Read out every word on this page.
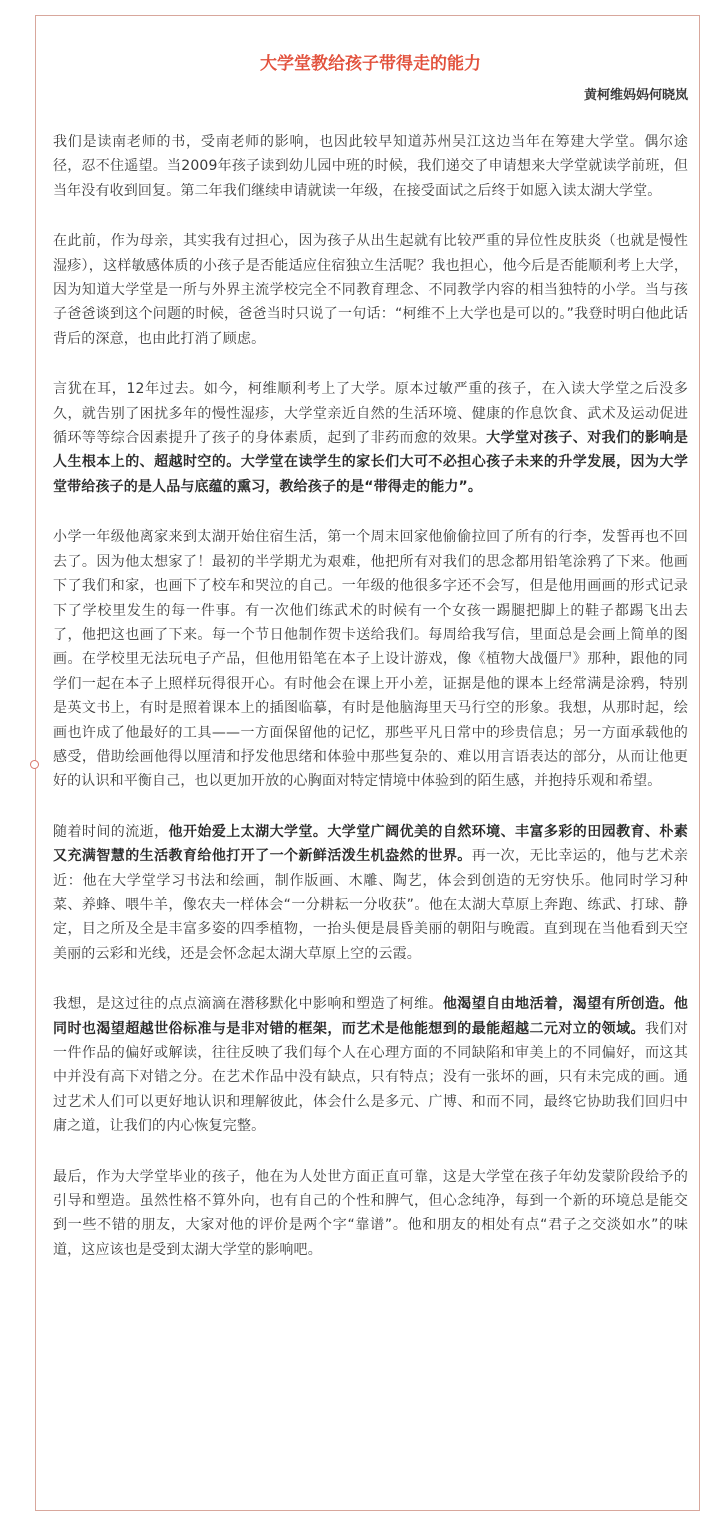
大学堂教给孩子带得走的能力
黄柯维妈妈何晓岚

我们是读南老师的书，受南老师的影响，也因此较早知道苏州吴江这边当年在筹建大学堂。偶尔途径，忍不住遥望。当2009年孩子读到幼儿园中班的时候，我们递交了申请想来大学堂就读学前班，但当年没有收到回复。第二年我们继续申请就读一年级，在接受面试之后终于如愿入读太湖大学堂。

在此前，作为母亲，其实我有过担心，因为孩子从出生起就有比较严重的异位性皮肤炎（也就是慢性湿疹），这样敏感体质的小孩子是否能适应住宿独立生活呢？我也担心，他今后是否能顺利考上大学，因为知道大学堂是一所与外界主流学校完全不同教育理念、不同教学内容的相当独特的小学。当与孩子爸爸谈到这个问题的时候，爸爸当时只说了一句话：“柯维不上大学也是可以的。”我登时明白他此话背后的深意，也由此打消了顾虑。

言犹在耳，12年过去。如今，柯维顺利考上了大学。原本过敏严重的孩子，在入读大学堂之后没多久，就告别了困扰多年的慢性湿疹，大学堂亲近自然的生活环境、健康的作息饮食、武术及运动促进循环等等综合因素提升了孩子的身体素质，起到了非药而愈的效果。大学堂对孩子、对我们的影响是人生根本上的、超越时空的。大学堂在读学生的家长们大可不必担心孩子未来的升学发展，因为大学堂带给孩子的是人品与底蕴的熏习，教给孩子的是“带得走的能力”。

小学一年级他离家来到太湖开始住宿生活，第一个周末回家他偷偷拉回了所有的行李，发誓再也不回去了。因为他太想家了！最初的半学期尤为艰难，他把所有对我们的思念都用铅笔涂鸦了下来。他画下了我们和家，也画下了校车和哭泣的自己。一年级的他很多字还不会写，但是他用画画的形式记录下了学校里发生的每一件事。有一次他们练武术的时候有一个女孩一踢腿把脚上的鞋子都踢飞出去了，他把这也画了下来。每一个节日他制作贺卡送给我们。每周给我写信，里面总是会画上简单的图画。在学校里无法玩电子产品，但他用铅笔在本子上设计游戏，像《植物大战僵尸》那种，跟他的同学们一起在本子上照样玩得很开心。有时他会在课上开小差，证据是他的课本上经常满是涂鸦，特别是英文书上，有时是照着课本上的插图临摹，有时是他脑海里天马行空的形象。我想，从那时起，绘画也许成了他最好的工具——一方面保留他的记忆，那些平凡日常中的珍贵信息；另一方面承载他的感受，借助绘画他得以厘清和抒发他思绪和体验中那些复杂的、难以用言语表达的部分，从而让他更好的认识和平衡自己，也以更加开放的心胸面对特定情境中体验到的陌生感，并抱持乐观和希望。

随着时间的流逝，他开始爱上太湖大学堂。大学堂广阔优美的自然环境、丰富多彩的田园教育、朴素又充满智慧的生活教育给他打开了一个新鲜活泼生机盎然的世界。再一次，无比幸运的，他与艺术亲近：他在大学堂学习书法和绘画，制作版画、木雕、陶艺，体会到创造的无穷快乐。他同时学习种菜、养蜂、喂牛羊，像农夫一样体会“一分耕耘一分收获”。他在太湖大草原上奔跑、练武、打球、静定，目之所及全是丰富多姿的四季植物，一抬头便是晨昏美丽的朝阳与晚霞。直到现在当他看到天空美丽的云彩和光线，还是会怀念起太湖大草原上空的云霞。

我想，是这过往的点点滴滴在潜移默化中影响和塑造了柯维。他渴望自由地活着，渴望有所创造。他同时也渴望超越世俗标准与是非对错的框架，而艺术是他能想到的最能超越二元对立的领域。我们对一件作品的偏好或解读，往往反映了我们每个人在心理方面的不同缺陷和审美上的不同偏好，而这其中并没有高下对错之分。在艺术作品中没有缺点，只有特点；没有一张坏的画，只有未完成的画。通过艺术人们可以更好地认识和理解彼此，体会什么是多元、广博、和而不同，最终它协助我们回归中庸之道，让我们的内心恢复完整。

最后，作为大学堂毕业的孩子，他在为人处世方面正直可靠，这是大学堂在孩子年幼发蒙阶段给予的引导和塑造。虽然性格不算外向，也有自己的个性和脾气，但心念纯净，每到一个新的环境总是能交到一些不错的朋友，大家对他的评价是两个字“靠谱”。他和朋友的相处有点“君子之交淡如水”的味道，这应该也是受到太湖大学堂的影响吧。
